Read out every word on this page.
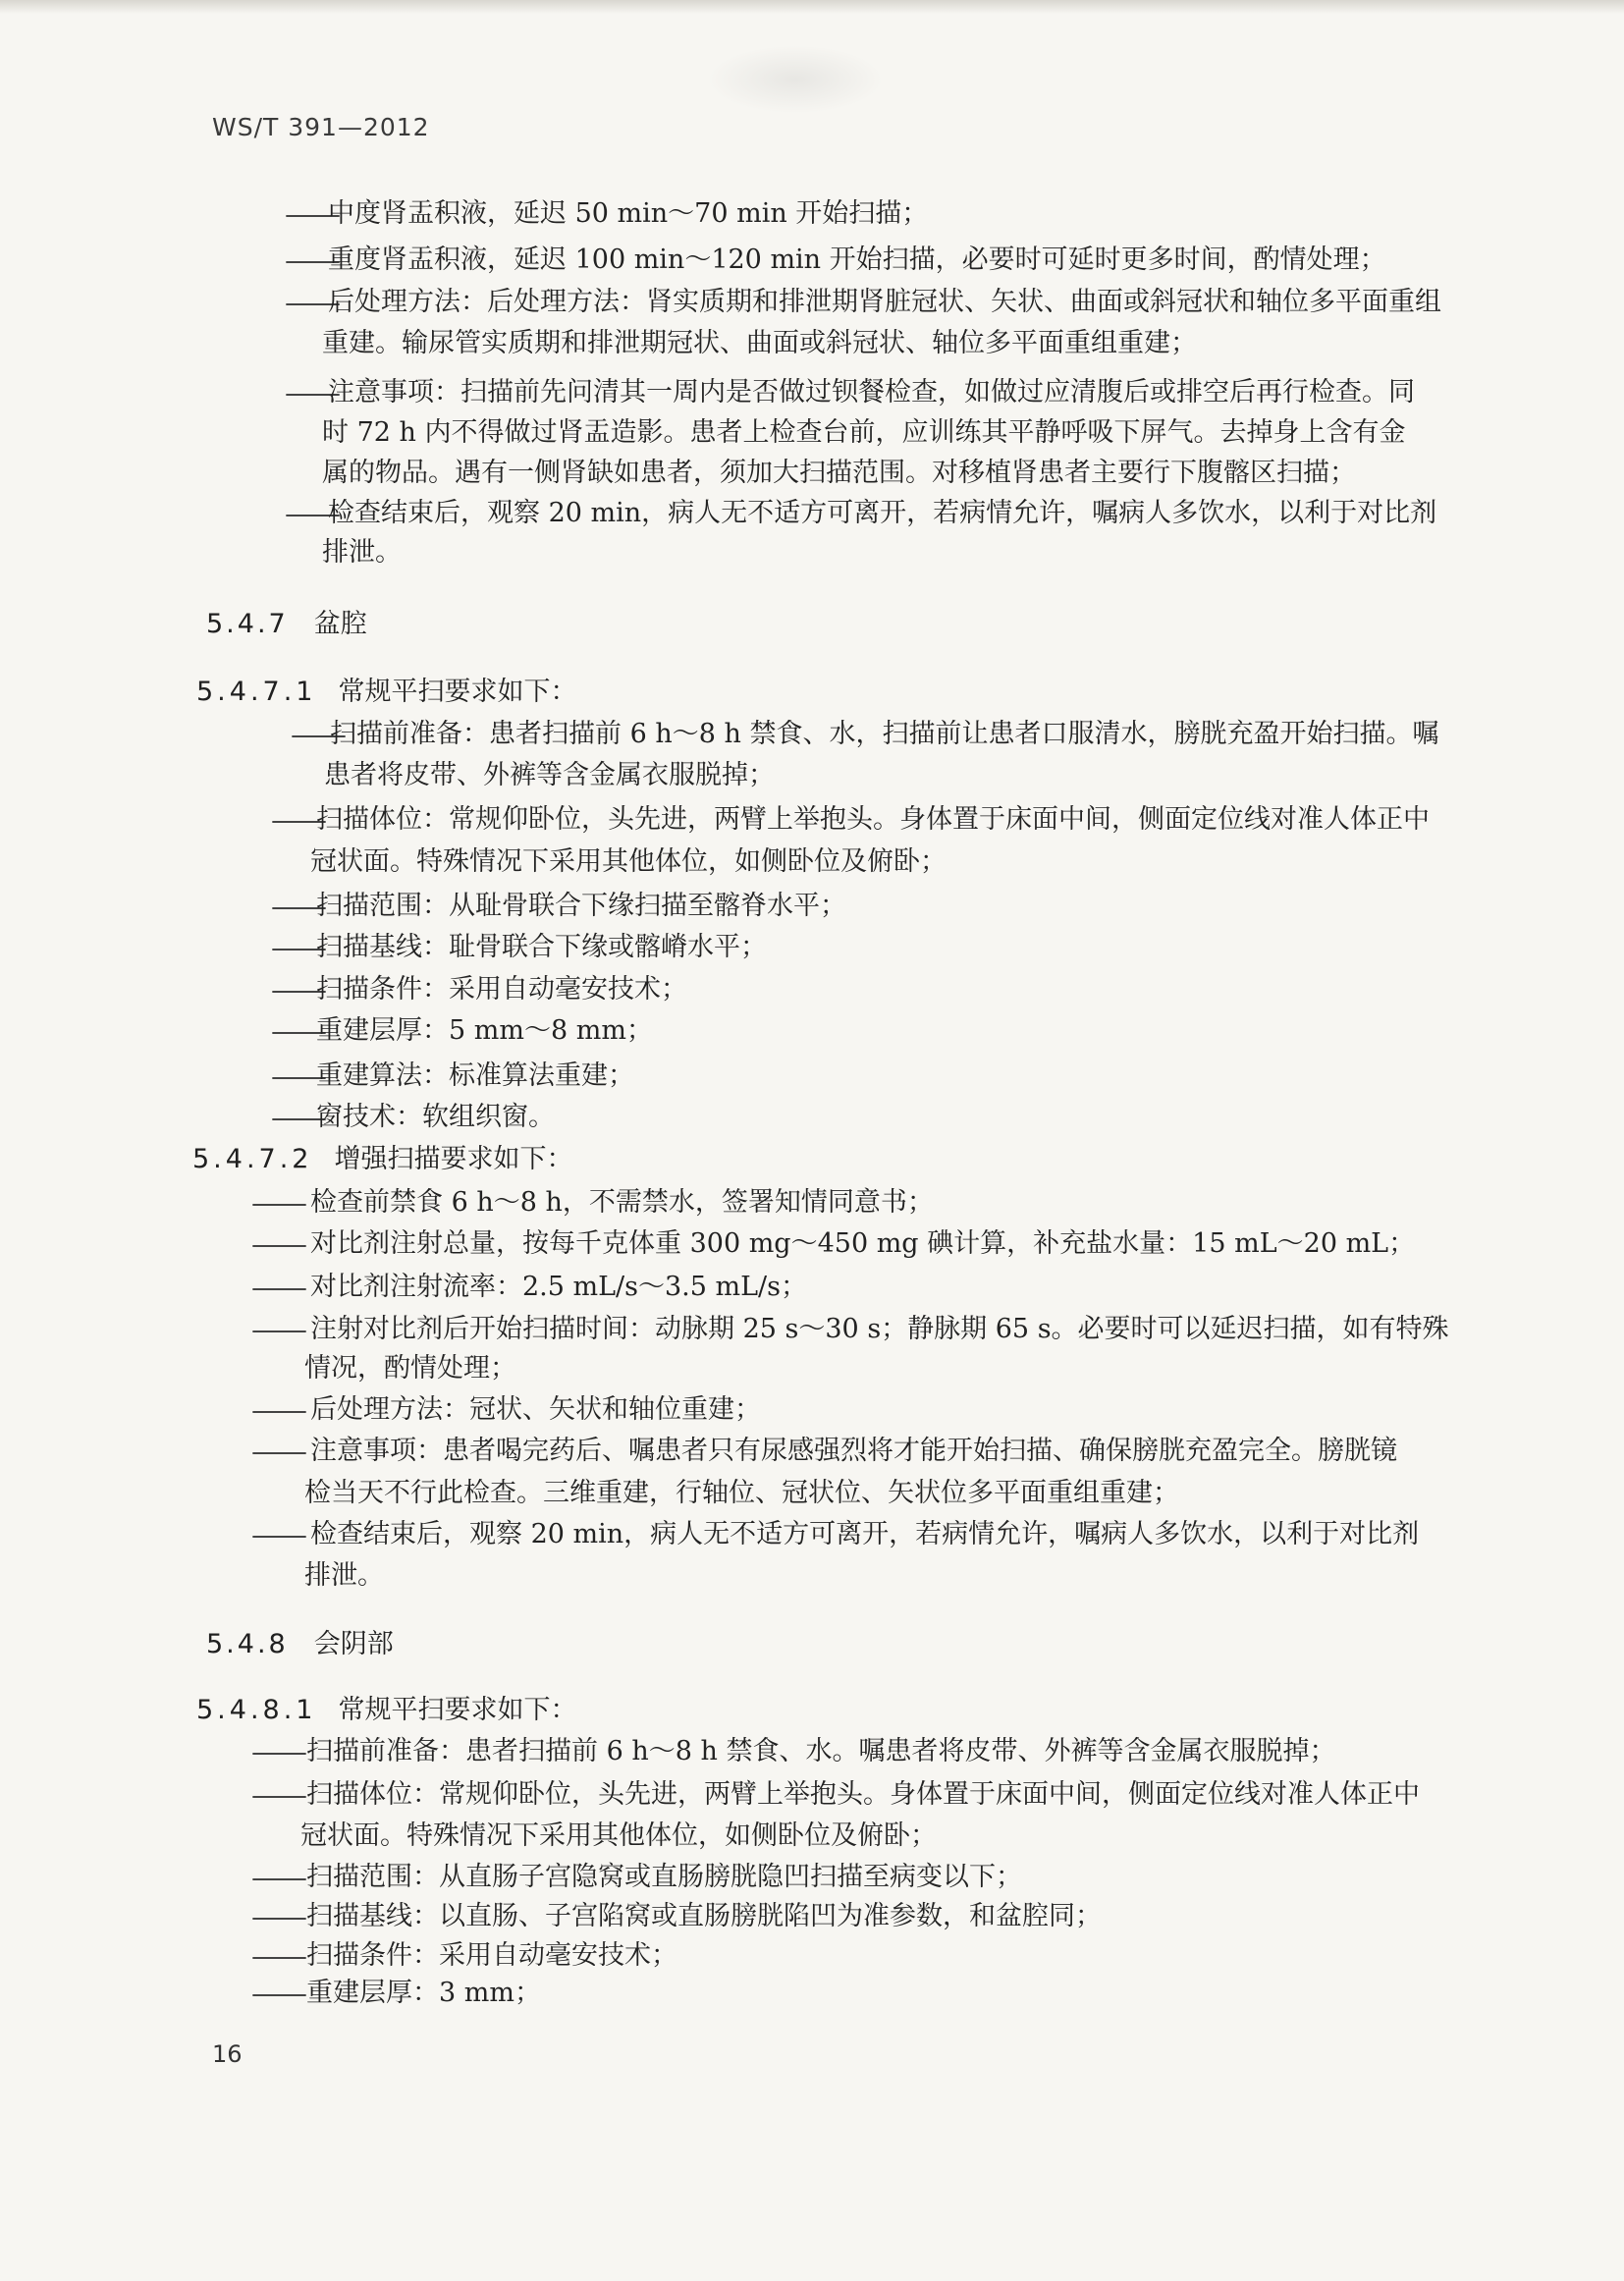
WS/T 391—2012
——
中度肾盂积液，延迟 50 min～70 min 开始扫描；
——
重度肾盂积液，延迟 100 min～120 min 开始扫描，必要时可延时更多时间，酌情处理；
——
后处理方法：后处理方法：肾实质期和排泄期肾脏冠状、矢状、曲面或斜冠状和轴位多平面重组
重建。输尿管实质期和排泄期冠状、曲面或斜冠状、轴位多平面重组重建；
——
注意事项：扫描前先问清其一周内是否做过钡餐检查，如做过应清腹后或排空后再行检查。同
时 72 h 内不得做过肾盂造影。患者上检查台前，应训练其平静呼吸下屏气。去掉身上含有金
属的物品。遇有一侧肾缺如患者，须加大扫描范围。对移植肾患者主要行下腹髂区扫描；
——
检查结束后，观察 20 min，病人无不适方可离开，若病情允许，嘱病人多饮水，以利于对比剂
排泄。
5.4.7 盆腔
5.4.7.1 常规平扫要求如下：
——
扫描前准备：患者扫描前 6 h～8 h 禁食、水，扫描前让患者口服清水，膀胱充盈开始扫描。嘱
患者将皮带、外裤等含金属衣服脱掉；
——
扫描体位：常规仰卧位，头先进，两臂上举抱头。身体置于床面中间，侧面定位线对准人体正中
冠状面。特殊情况下采用其他体位，如侧卧位及俯卧；
——
扫描范围：从耻骨联合下缘扫描至髂脊水平；
——
扫描基线：耻骨联合下缘或髂嵴水平；
——
扫描条件：采用自动毫安技术；
——
重建层厚：5 mm～8 mm；
——
重建算法：标准算法重建；
——
窗技术：软组织窗。
5.4.7.2 增强扫描要求如下：
—— 检查前禁食 6 h～8 h，不需禁水，签署知情同意书；
—— 对比剂注射总量，按每千克体重 300 mg～450 mg 碘计算，补充盐水量：15 mL～20 mL；
—— 对比剂注射流率：2.5 mL/s～3.5 mL/s；
—— 注射对比剂后开始扫描时间：动脉期 25 s～30 s；静脉期 65 s。必要时可以延迟扫描，如有特殊
情况，酌情处理；
—— 后处理方法：冠状、矢状和轴位重建；
—— 注意事项：患者喝完药后、嘱患者只有尿感强烈将才能开始扫描、确保膀胱充盈完全。膀胱镜
检当天不行此检查。三维重建，行轴位、冠状位、矢状位多平面重组重建；
—— 检查结束后，观察 20 min，病人无不适方可离开，若病情允许，嘱病人多饮水，以利于对比剂
排泄。
5.4.8 会阴部
5.4.8.1 常规平扫要求如下：
—— 扫描前准备：患者扫描前 6 h～8 h 禁食、水。嘱患者将皮带、外裤等含金属衣服脱掉；
—— 扫描体位：常规仰卧位，头先进，两臂上举抱头。身体置于床面中间，侧面定位线对准人体正中
冠状面。特殊情况下采用其他体位，如侧卧位及俯卧；
—— 扫描范围：从直肠子宫隐窝或直肠膀胱隐凹扫描至病变以下；
—— 扫描基线：以直肠、子宫陷窝或直肠膀胱陷凹为准参数，和盆腔同；
—— 扫描条件：采用自动毫安技术；
—— 重建层厚：3 mm；
16
